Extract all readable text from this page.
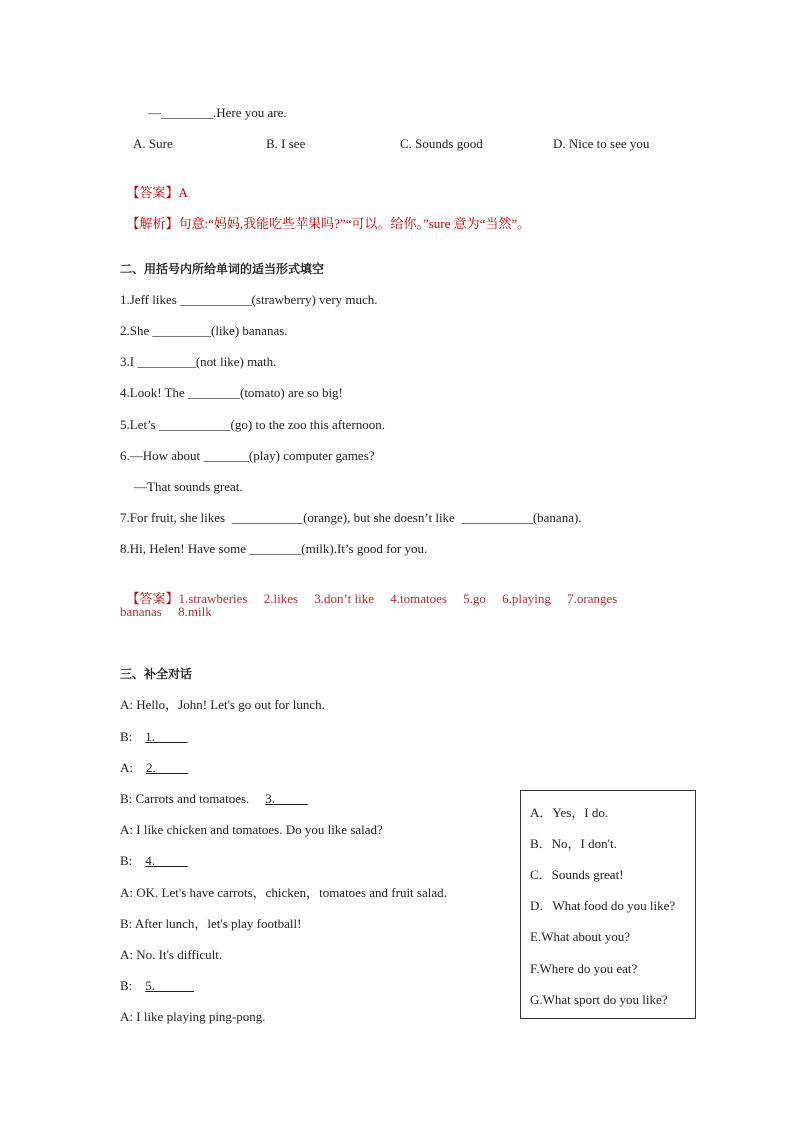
—________.Here you are.
A. Sure	B. I see	C. Sounds good	D. Nice to see you

【答案】A

【解析】句意:“妈妈,我能吃些苹果吗?”“可以。给你。”sure 意为“当然”。

二、用括号内所给单词的适当形式填空
1.Jeff likes ___________(strawberry) very much.
2.She _________(like) bananas.
3.I _________(not like) math.
4.Look! The ________(tomato) are so big!
5.Let’s ___________(go) to the zoo this afternoon.
6.—How about _______(play) computer games?
—That sounds great.
7.For fruit, she likes  ___________(orange), but she doesn’t like  ___________(banana).
8.Hi, Helen! Have some ________(milk).It’s good for you.

【答案】1.strawberies     2.likes     3.don’t like     4.tomatoes     5.go     6.playing     7.oranges

bananas     8.milk
三、补全对话
A: Hello，John! Let's go out for lunch.
B: 1._____
A: 2._____
B: Carrots and tomatoes. 3._____
A: I like chicken and tomatoes. Do you like salad?
B: 4._____
A: OK. Let's have carrots，chicken，tomatoes and fruit salad.
B: After lunch，let's play football!
A: No. It's difficult.
B: 5.______
A: I like playing ping-pong.
A．Yes，I do.
B．No，I don't.
C．Sounds great!
D．What food do you like?
E.What about you?
F.Where do you eat?
G.What sport do you like?
